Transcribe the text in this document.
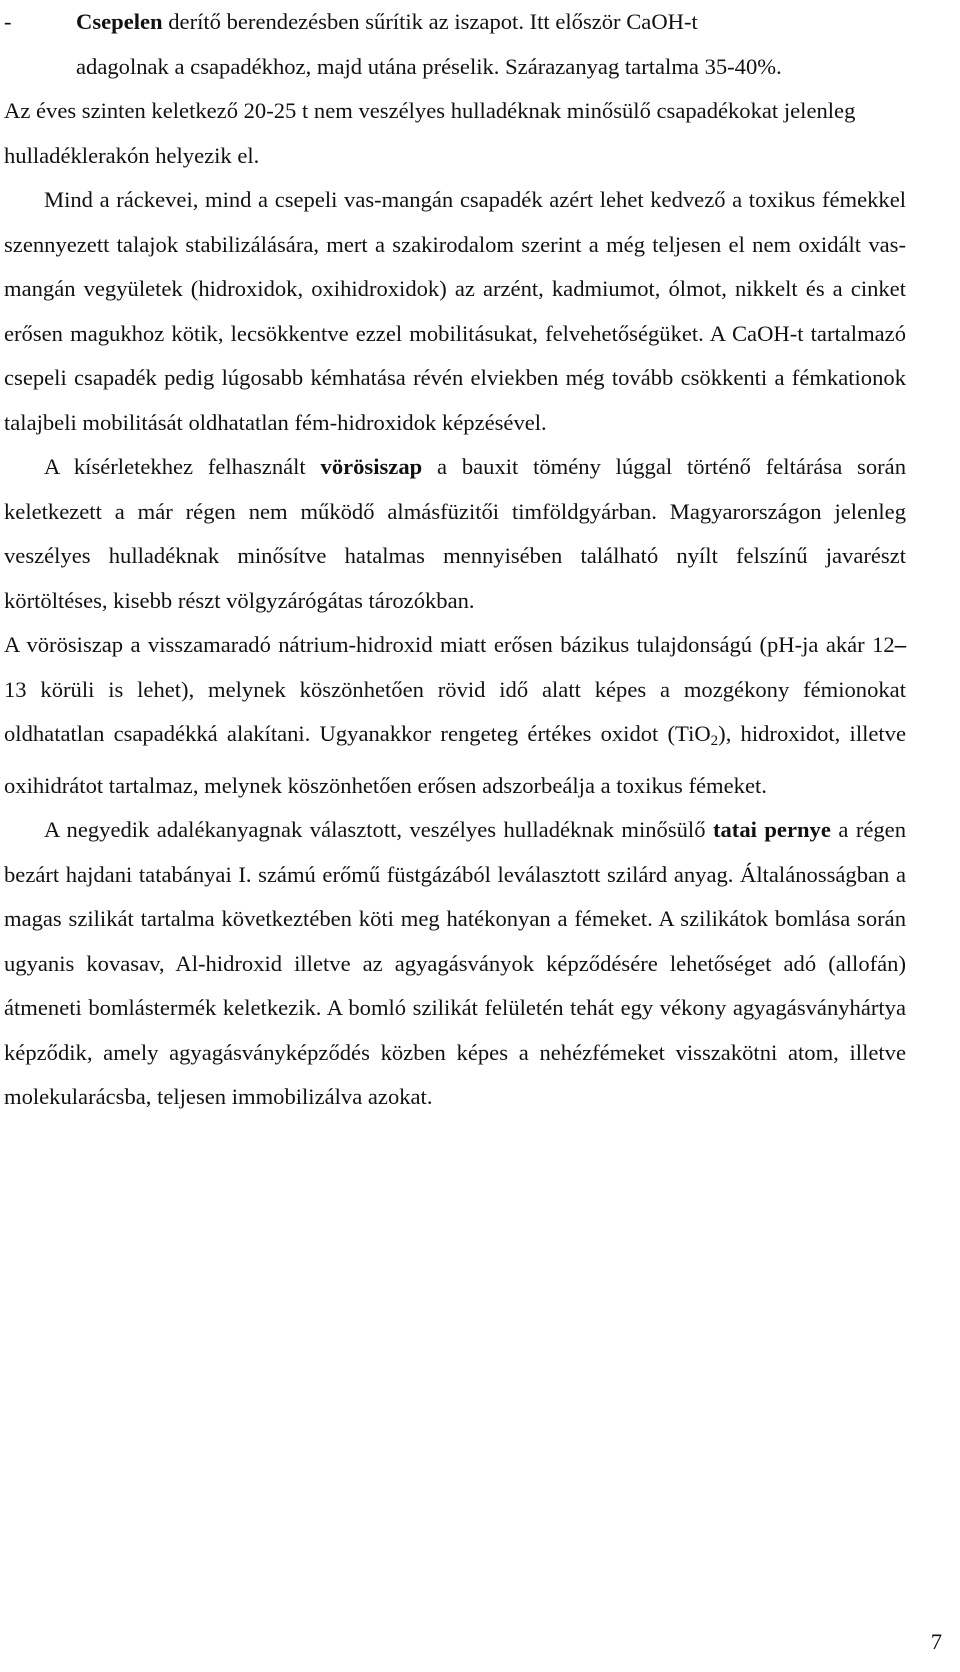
-	Csepelen derítő berendezésben sűrítik az iszapot. Itt először CaOH-t
adagolnak a csapadékhoz, majd utána préselik. Szárazanyag tartalma 35-40%.

Az éves szinten keletkező 20-25 t nem veszélyes hulladéknak minősülő csapadékokat jelenleg hulladéklerakón helyezik el.

Mind a ráckevei, mind a csepeli vas-mangán csapadék azért lehet kedvező a toxikus fémekkel szennyezett talajok stabilizálására, mert a szakirodalom szerint a még teljesen el nem oxidált vas-mangán vegyületek (hidroxidok, oxihidroxidok) az arzént, kadmiumot, ólmot, nikkelt és a cinket erősen magukhoz kötik, lecsökkentve ezzel mobilitásukat, felvehetőségüket. A CaOH-t tartalmazó csepeli csapadék pedig lúgosabb kémhatása révén elviekben még tovább csökkenti a fémkationok talajbeli mobilitását oldhatatlan fém-hidroxidok képzésével.

A kísérletekhez felhasznált vörösiszap a bauxit tömény lúggal történő feltárása során keletkezett a már régen nem működő almásfüzitői timföldgyárban. Magyarországon jelenleg veszélyes hulladéknak minősítve hatalmas mennyisében található nyílt felszínű javarészt körtöltéses, kisebb részt völgyzárógátas tározókban.

A vörösiszap a visszamaradó nátrium-hidroxid miatt erősen bázikus tulajdonságú (pH-ja akár 12–13 körüli is lehet), melynek köszönhetően rövid idő alatt képes a mozgékony fémionokat oldhatatlan csapadékká alakítani. Ugyanakkor rengeteg értékes oxidot (TiO$_2$), hidroxidot, illetve oxihidrátot tartalmaz, melynek köszönhetően erősen adszorbeálja a toxikus fémeket.

A negyedik adalékanyagnak választott, veszélyes hulladéknak minősülő tatai pernye a régen bezárt hajdani tatabányai I. számú erőmű füstgázából leválasztott szilárd anyag. Általánosságban a magas szilikát tartalma következtében köti meg hatékonyan a fémeket. A szilikátok bomlása során ugyanis kovasav, Al-hidroxid illetve az agyagásványok képződésére lehetőséget adó (allofán) átmeneti bomlástermék keletkezik. A bomló szilikát felületén tehát egy vékony agyagásványhártya képződik, amely agyagásványképződés közben képes a nehézfémeket visszakötni atom, illetve molekularácsba, teljesen immobilizálva azokat.

7
